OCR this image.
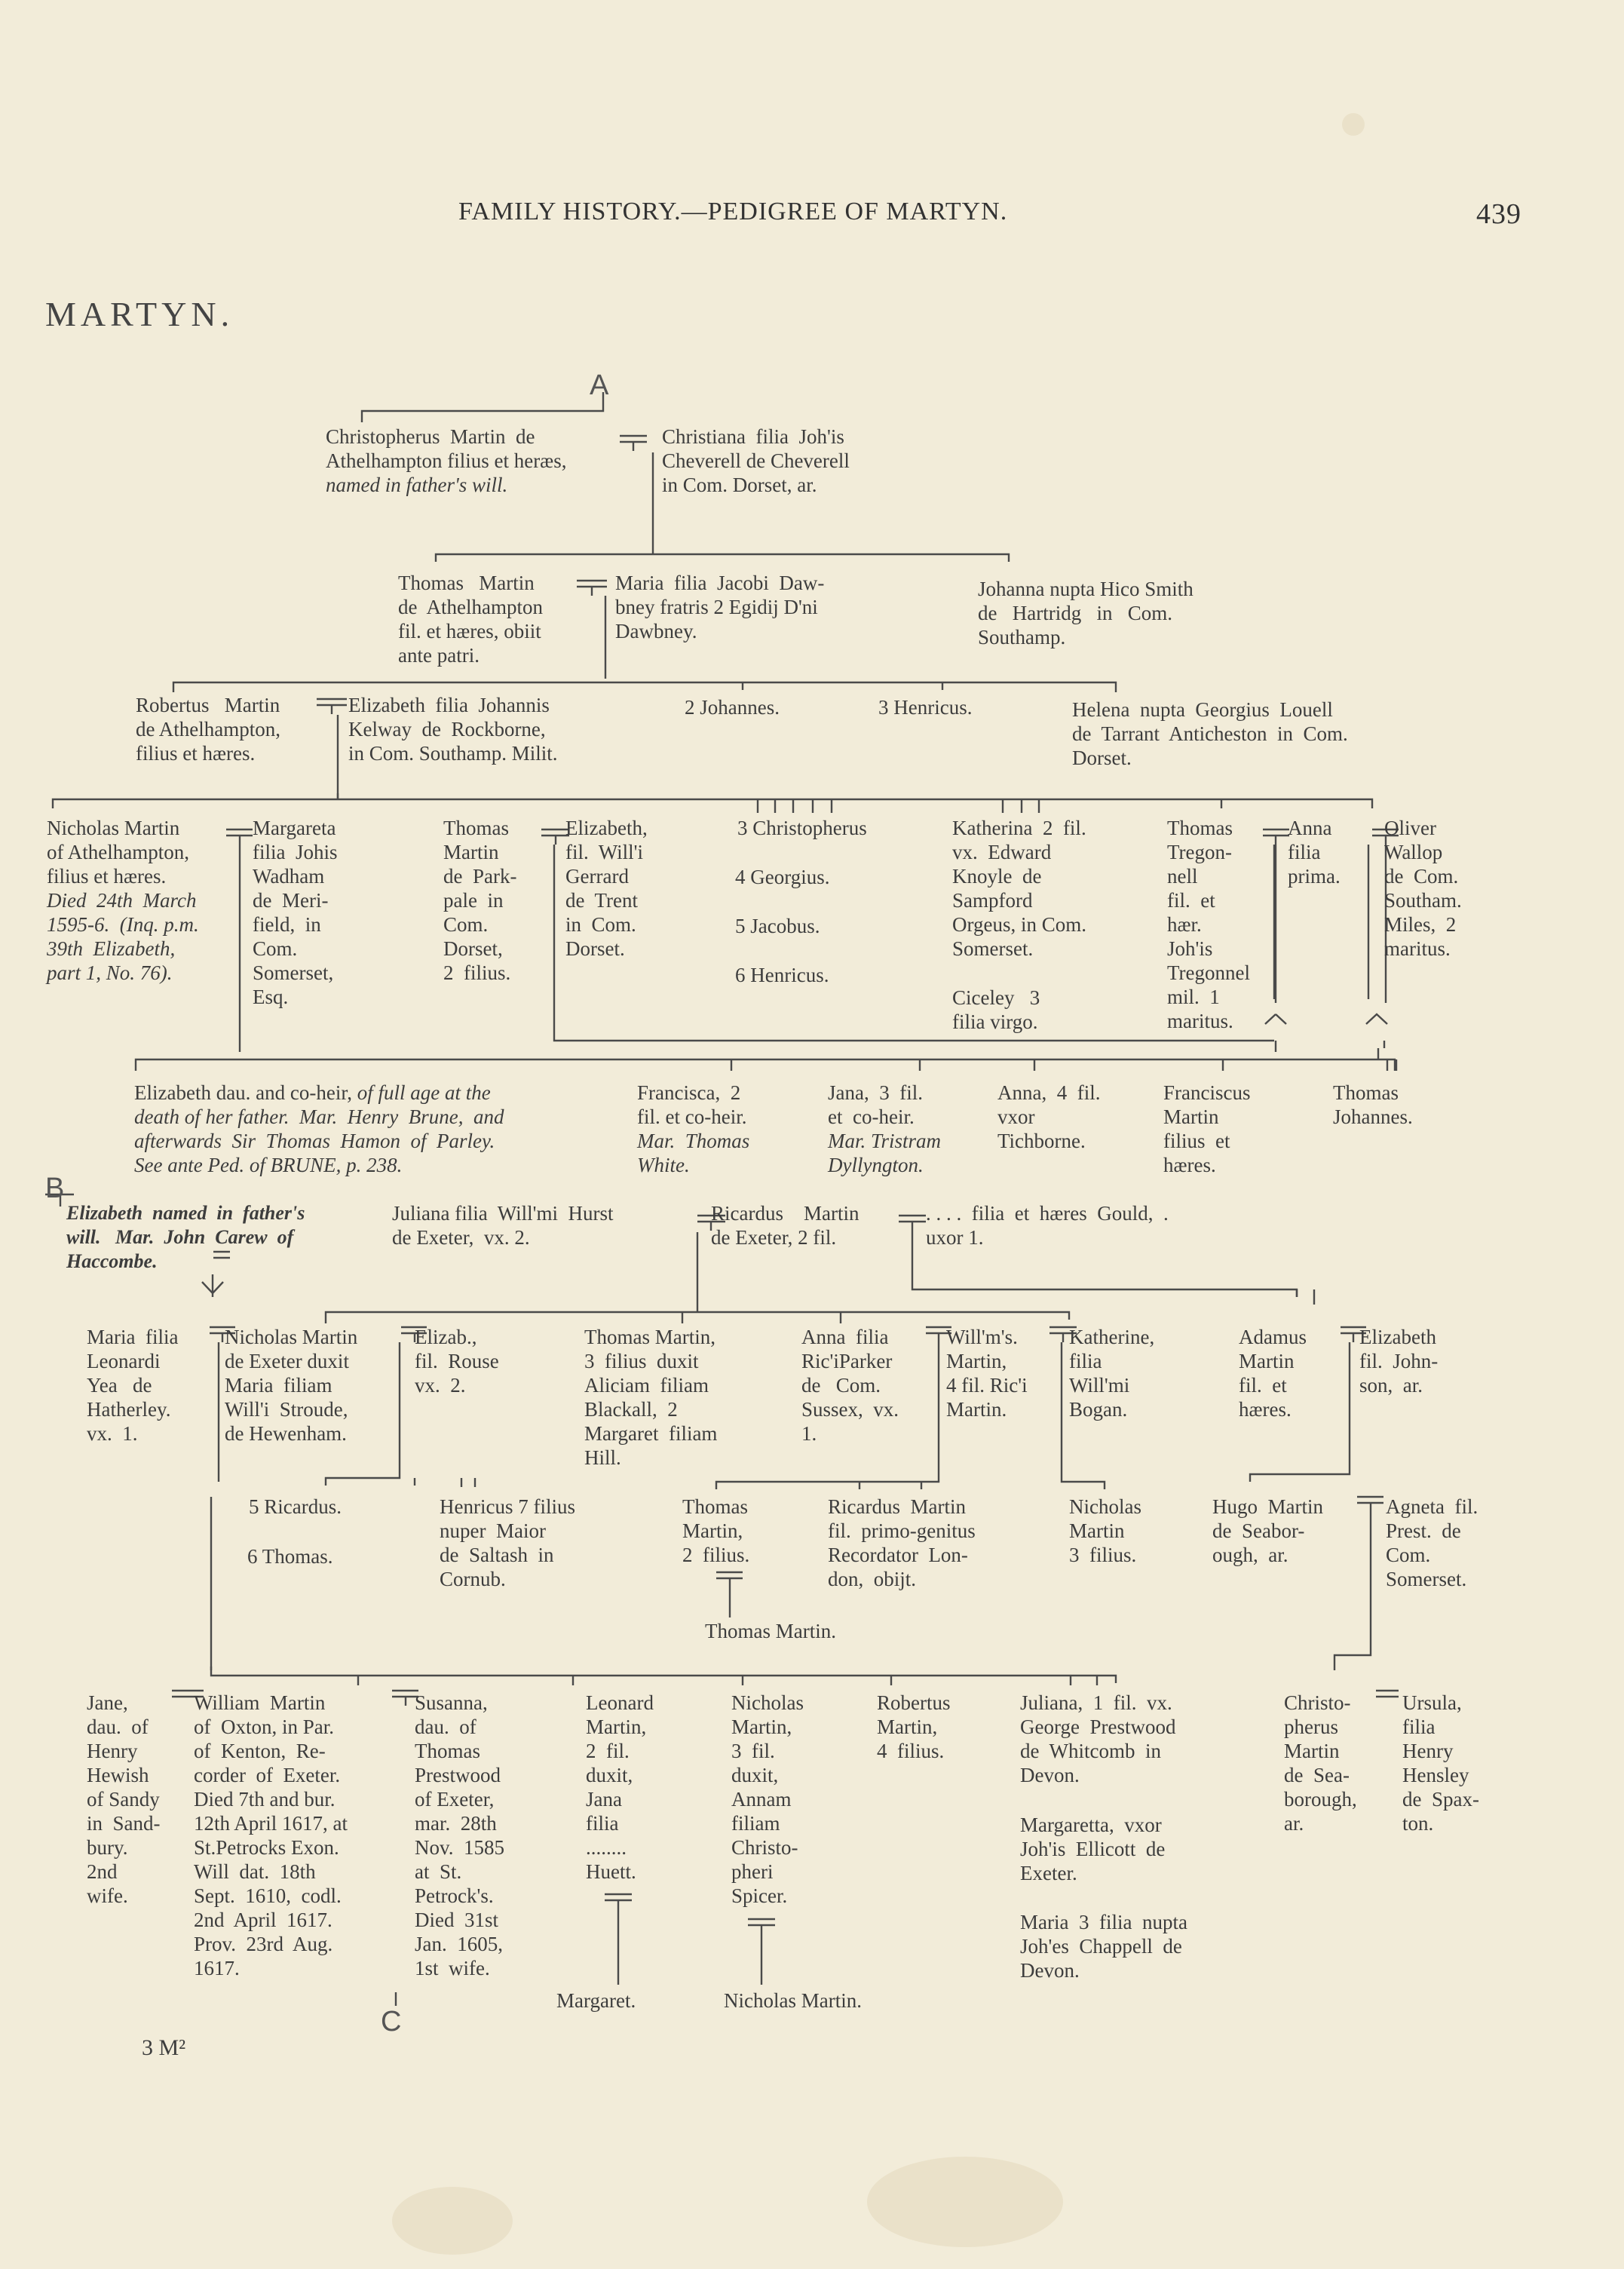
FAMILY HISTORY.—PEDIGREE OF MARTYN.	439
MARTYN.
A
B
C
Christopherus  Martin  de
Athelhampton filius et heræs,
named in father's will.
Christiana  filia  Joh'is
Cheverell de Cheverell
in Com. Dorset, ar.
Thomas   Martin
de  Athelhampton
fil. et hæres, obiit
ante patri.
Maria  filia  Jacobi  Daw-
bney fratris 2 Egidij D'ni
Dawbney.
Johanna nupta Hico Smith
de   Hartridg   in   Com.
Southamp.
Robertus   Martin
de Athelhampton,
filius et hæres.
Elizabeth  filia  Johannis
Kelway  de  Rockborne,
in Com. Southamp. Milit.
2 Johannes.	3 Henricus.	Helena  nupta  Georgius  Louell
de  Tarrant  Anticheston  in  Com.
Dorset.
Nicholas Martin
of Athelhampton,
filius et hæres.
Died  24th  March
1595-6.  (Inq. p.m.
39th  Elizabeth,
part 1, No. 76).
Margareta
filia  Johis
Wadham
de  Meri-
field,  in
Com.
Somerset,
Esq.
Thomas
Martin
de  Park-
pale  in
Com.
Dorset,
2  filius.
Elizabeth,
fil.  Will'i
Gerrard
de  Trent
in  Com.
Dorset.
3 Christopherus
4 Georgius.
5 Jacobus.
6 Henricus.
Katherina  2  fil.
vx.  Edward
Knoyle  de
Sampford
Orgeus, in Com.
Somerset.
Ciceley   3
filia virgo.
Thomas
Tregon-
nell
fil.  et
hær.
Joh'is
Tregonnel
mil.  1
maritus.
Anna
filia
prima.
Oliver
Wallop
de  Com.
Southam.
Miles,  2
maritus.
Elizabeth dau. and co-heir, of full age at the
death of her father.  Mar.  Henry  Brune,  and
afterwards  Sir  Thomas  Hamon  of  Parley.
See ante Ped. of BRUNE, p. 238.
Francisca,  2
fil. et co-heir.
Mar.  Thomas
White.
Jana,  3  fil.
et  co-heir.
Mar. Tristram
Dyllyngton.
Anna,  4  fil.
vxor
Tichborne.
Franciscus
Martin
filius  et
hæres.
Thomas
Johannes.
Elizabeth  named  in  father's
will.   Mar.  John  Carew  of
Haccombe.
Juliana filia  Will'mi  Hurst
de Exeter,  vx. 2.
Ricardus    Martin
de Exeter, 2 fil.
. . . .  filia  et  hæres  Gould,  .
uxor 1.
Maria  filia
Leonardi
Yea   de
Hatherley.
vx.  1.
Nicholas Martin
de Exeter duxit
Maria  filiam
Will'i  Stroude,
de Hewenham.
Elizab.,
fil.  Rouse
vx.  2.
Thomas Martin,
3  filius  duxit
Aliciam  filiam
Blackall,  2
Margaret  filiam
Hill.
Anna  filia
Ric'iParker
de   Com.
Sussex,  vx.
1.
Will'm's.
Martin,
4 fil. Ric'i
Martin.
Katherine,
filia
Will'mi
Bogan.
Adamus
Martin
fil.  et
hæres.
Elizabeth
fil.  John-
son,  ar.
5 Ricardus.
6 Thomas.
Henricus 7 filius
nuper  Maior
de  Saltash  in
Cornub.
Thomas
Martin,
2  filius.
Ricardus  Martin
fil.  primo-genitus
Recordator  Lon-
don,  obijt.
Nicholas
Martin
3  filius.
Hugo  Martin
de  Seabor-
ough,  ar.
Agneta  fil.
Prest.  de
Com.
Somerset.
Thomas Martin.
Jane,
dau.  of
Henry
Hewish
of Sandy
in  Sand-
bury.
2nd
wife.
William  Martin
of  Oxton, in Par.
of  Kenton,  Re-
corder  of  Exeter.
Died 7th and bur.
12th April 1617, at
St.Petrocks Exon.
Will  dat.  18th
Sept.  1610,  codl.
2nd  April  1617.
Prov.  23rd  Aug.
1617.
Susanna,
dau.  of
Thomas
Prestwood
of Exeter,
mar.  28th
Nov.  1585
at  St.
Petrock's.
Died  31st
Jan.  1605,
1st  wife.
Leonard
Martin,
2  fil.
duxit,
Jana
filia
........
Huett.
Nicholas
Martin,
3  fil.
duxit,
Annam
filiam
Christo-
pheri
Spicer.
Robertus
Martin,
4  filius.
Juliana,  1  fil.  vx.
George  Prestwood
de  Whitcomb  in
Devon.
Margaretta,  vxor
Joh'is  Ellicott  de
Exeter.
Maria  3  filia  nupta
Joh'es  Chappell  de
Devon.
Christo-
pherus
Martin
de  Sea-
borough,
ar.
Ursula,
filia
Henry
Hensley
de  Spax-
ton.
Margaret.	Nicholas Martin.
3 M²
